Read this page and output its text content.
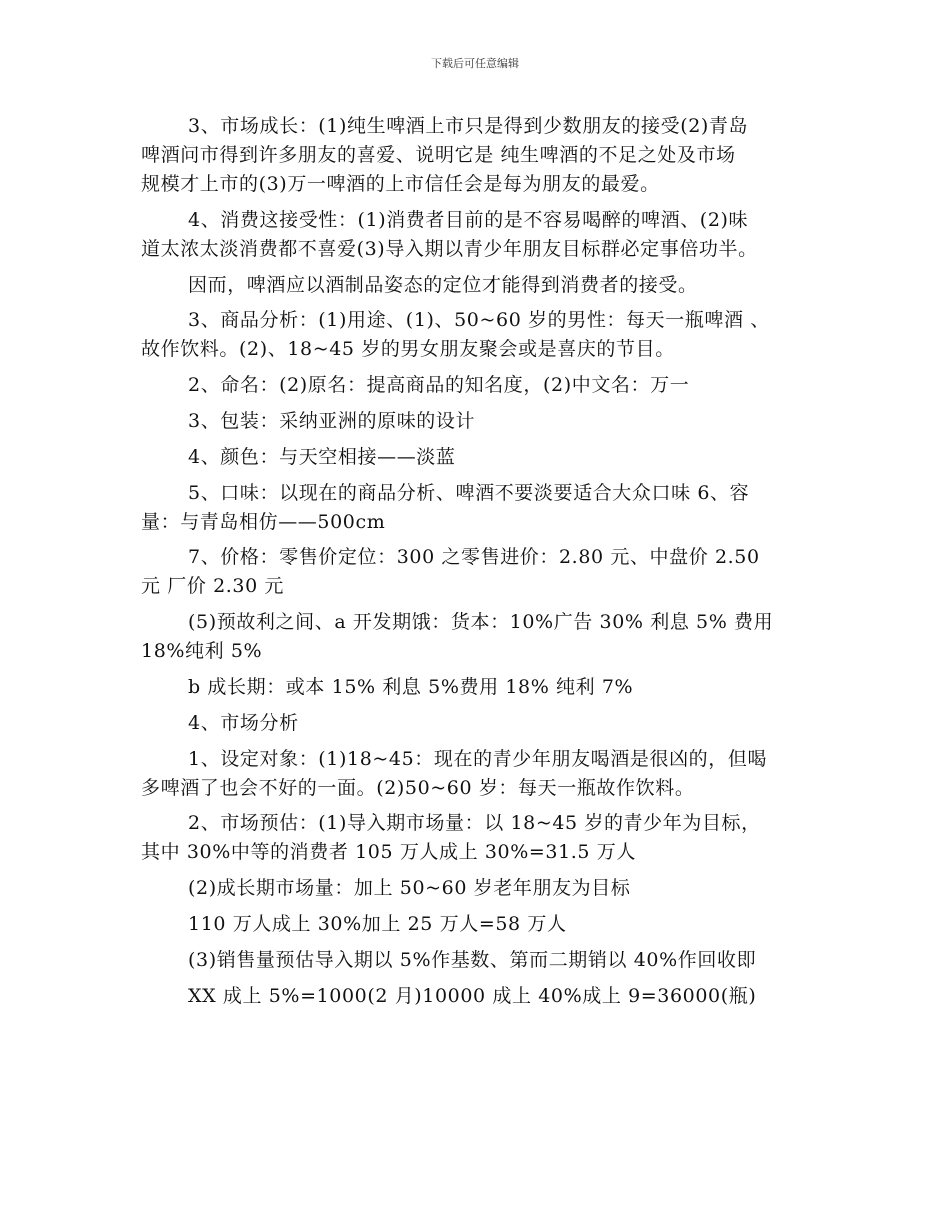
下载后可任意编辑
3、市场成长：(1)纯生啤酒上市只是得到少数朋友的接受(2)青岛
啤酒问市得到许多朋友的喜爱、说明它是 纯生啤酒的不足之处及市场
规模才上市的(3)万一啤酒的上市信任会是每为朋友的最爱。
4、消费这接受性：(1)消费者目前的是不容易喝醉的啤酒、(2)味
道太浓太淡消费都不喜爱(3)导入期以青少年朋友目标群必定事倍功半。
因而，啤酒应以酒制品姿态的定位才能得到消费者的接受。
3、商品分析：(1)用途、(1)、50~60 岁的男性：每天一瓶啤酒 、
故作饮料。(2)、18~45 岁的男女朋友聚会或是喜庆的节目。
2、命名：(2)原名：提高商品的知名度，(2)中文名：万一
3、包装：采纳亚洲的原味的设计
4、颜色：与天空相接——淡蓝
5、口味：以现在的商品分析、啤酒不要淡要适合大众口味 6、容
量：与青岛相仿——500cm
7、价格：零售价定位：300 之零售进价：2.80 元、中盘价 2.50
元 厂价 2.30 元
(5)预故利之间、a 开发期饿：货本：10%广告 30% 利息 5% 费用
18%纯利 5%
b 成长期：或本 15% 利息 5%费用 18% 纯利 7%
4、市场分析
1、设定对象：(1)18~45：现在的青少年朋友喝酒是很凶的，但喝
多啤酒了也会不好的一面。(2)50~60 岁：每天一瓶故作饮料。
2、市场预估：(1)导入期市场量：以 18~45 岁的青少年为目标，
其中 30%中等的消费者 105 万人成上 30%=31.5 万人
(2)成长期市场量：加上 50~60 岁老年朋友为目标
110 万人成上 30%加上 25 万人=58 万人
(3)销售量预估导入期以 5%作基数、第而二期销以 40%作回收即
XX 成上 5%=1000(2 月)10000 成上 40%成上 9=36000(瓶)
